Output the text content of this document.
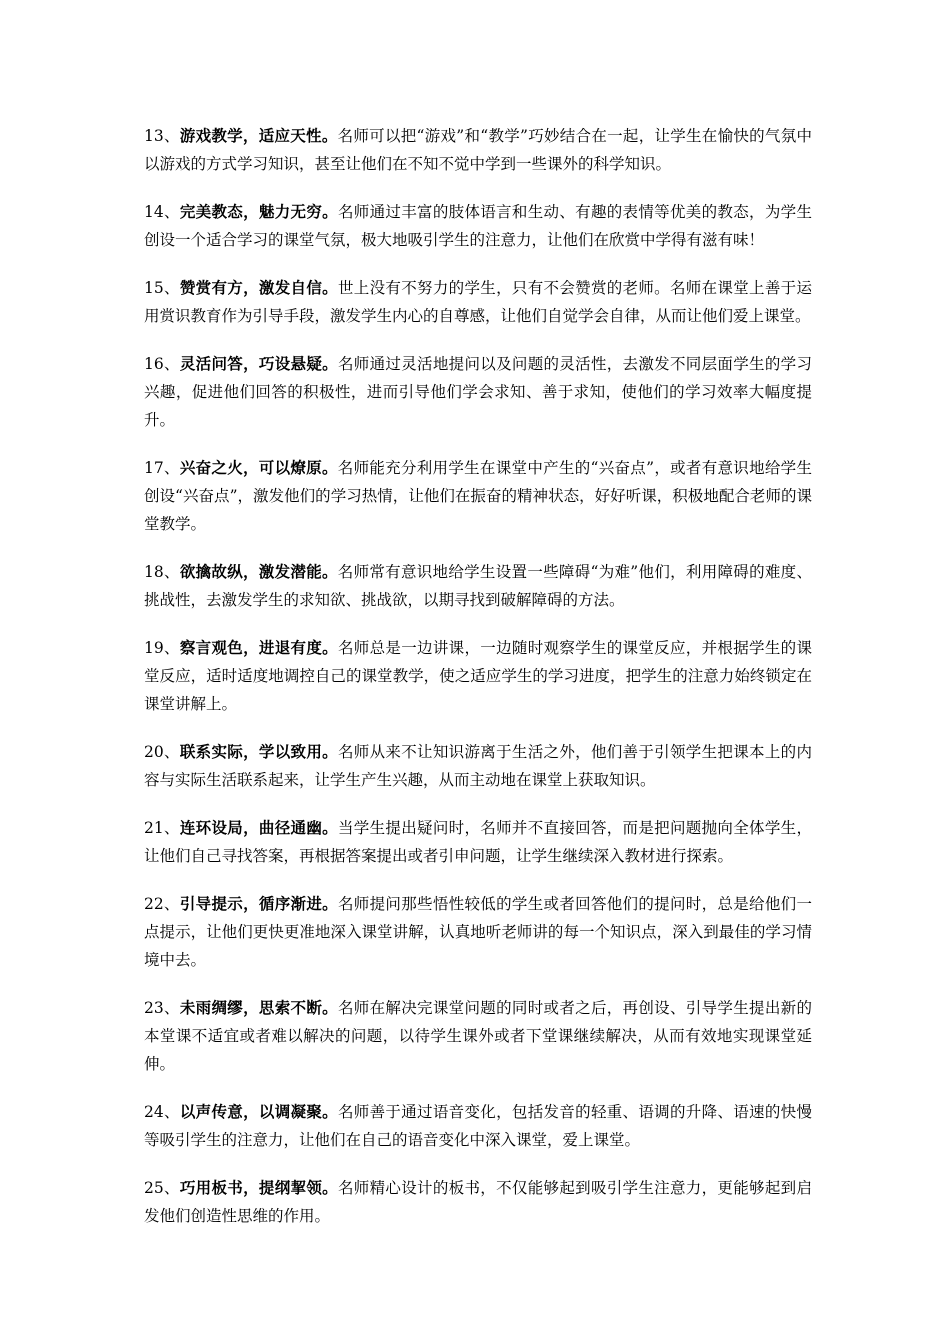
13、游戏教学，适应天性。名师可以把“游戏”和“教学”巧妙结合在一起，让学生在愉快的气氛中以游戏的方式学习知识，甚至让他们在不知不觉中学到一些课外的科学知识。

14、完美教态，魅力无穷。名师通过丰富的肢体语言和生动、有趣的表情等优美的教态，为学生创设一个适合学习的课堂气氛，极大地吸引学生的注意力，让他们在欣赏中学得有滋有味！

15、赞赏有方，激发自信。世上没有不努力的学生，只有不会赞赏的老师。名师在课堂上善于运用赏识教育作为引导手段，激发学生内心的自尊感，让他们自觉学会自律，从而让他们爱上课堂。

16、灵活问答，巧设悬疑。名师通过灵活地提问以及问题的灵活性，去激发不同层面学生的学习兴趣，促进他们回答的积极性，进而引导他们学会求知、善于求知，使他们的学习效率大幅度提升。

17、兴奋之火，可以燎原。名师能充分利用学生在课堂中产生的“兴奋点”，或者有意识地给学生创设“兴奋点”，激发他们的学习热情，让他们在振奋的精神状态，好好听课，积极地配合老师的课堂教学。

18、欲擒故纵，激发潜能。名师常有意识地给学生设置一些障碍“为难”他们，利用障碍的难度、挑战性，去激发学生的求知欲、挑战欲，以期寻找到破解障碍的方法。

19、察言观色，进退有度。名师总是一边讲课，一边随时观察学生的课堂反应，并根据学生的课堂反应，适时适度地调控自己的课堂教学，使之适应学生的学习进度，把学生的注意力始终锁定在课堂讲解上。

20、联系实际，学以致用。名师从来不让知识游离于生活之外，他们善于引领学生把课本上的内容与实际生活联系起来，让学生产生兴趣，从而主动地在课堂上获取知识。

21、连环设局，曲径通幽。当学生提出疑问时，名师并不直接回答，而是把问题抛向全体学生，让他们自己寻找答案，再根据答案提出或者引申问题，让学生继续深入教材进行探索。

22、引导提示，循序渐进。名师提问那些悟性较低的学生或者回答他们的提问时，总是给他们一点提示，让他们更快更准地深入课堂讲解，认真地听老师讲的每一个知识点，深入到最佳的学习情境中去。

23、未雨绸缪，思索不断。名师在解决完课堂问题的同时或者之后，再创设、引导学生提出新的本堂课不适宜或者难以解决的问题，以待学生课外或者下堂课继续解决，从而有效地实现课堂延伸。

24、以声传意，以调凝聚。名师善于通过语音变化，包括发音的轻重、语调的升降、语速的快慢等吸引学生的注意力，让他们在自己的语音变化中深入课堂，爱上课堂。

25、巧用板书，提纲挈领。名师精心设计的板书，不仅能够起到吸引学生注意力，更能够起到启发他们创造性思维的作用。
